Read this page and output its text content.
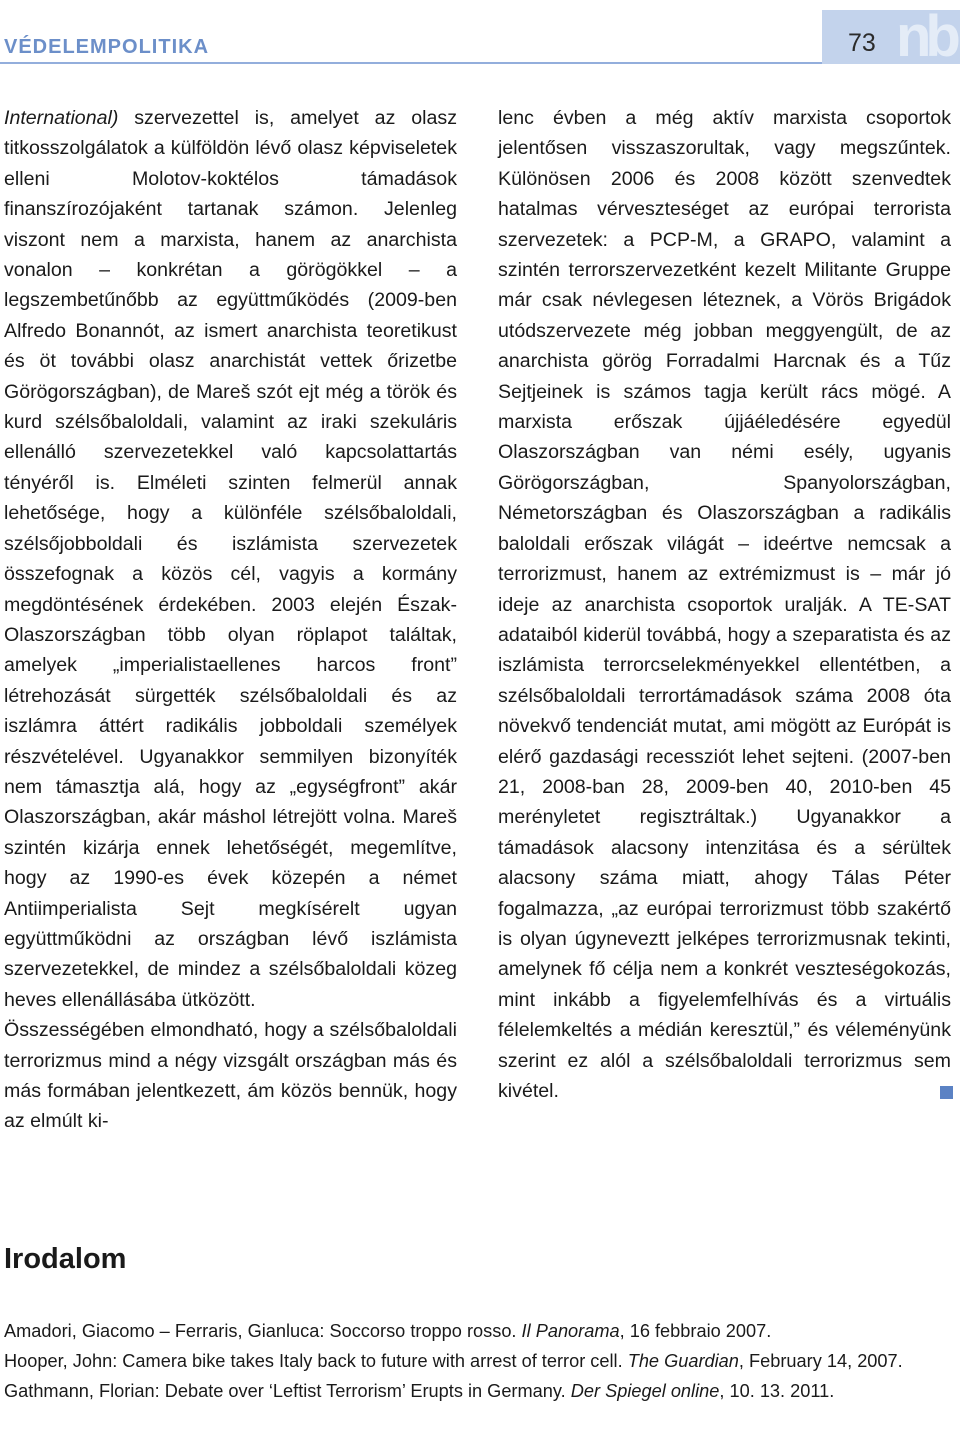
VÉDELEMPOLITIKA	nb
73

International) szervezettel is, amelyet az olasz titkosszolgálatok a külföldön lévő olasz képviseletek elleni Molotov-koktélos támadások finanszírozójaként tartanak számon. Jelenleg viszont nem a marxista, hanem az anarchista vonalon – konkrétan a görögökkel – a legszembetűnőbb az együttműködés (2009-ben Alfredo Bonannót, az ismert anarchista teoretikust és öt további olasz anarchistát vettek őrizetbe Görögországban), de Mareš szót ejt még a török és kurd szélsőbaloldali, valamint az iraki szekuláris ellenálló szervezetekkel való kapcsolattartás tényéről is. Elméleti szinten felmerül annak lehetősége, hogy a különféle szélsőbaloldali, szélsőjobboldali és iszlámista szervezetek összefognak a közös cél, vagyis a kormány megdöntésének érdekében. 2003 elején Észak-Olaszországban több olyan röplapot találtak, amelyek „imperialistaellenes harcos front” létrehozását sürgették szélsőbaloldali és az iszlámra áttért radikális jobboldali személyek részvételével. Ugyanakkor semmilyen bizonyíték nem támasztja alá, hogy az „egységfront” akár Olaszországban, akár máshol létrejött volna. Mareš szintén kizárja ennek lehetőségét, megemlítve, hogy az 1990-es évek közepén a német Antiimperialista Sejt megkísérelt ugyan együttműködni az országban lévő iszlámista szervezetekkel, de mindez a szélsőbaloldali közeg heves ellenállásába ütközött.

Összességében elmondható, hogy a szélsőbaloldali terrorizmus mind a négy vizsgált országban más és más formában jelentkezett, ám közös bennük, hogy az elmúlt ki-

lenc évben a még aktív marxista csoportok jelentősen visszaszorultak, vagy megszűntek. Különösen 2006 és 2008 között szenvedtek hatalmas vérveszteséget az európai terrorista szervezetek: a PCP-M, a GRAPO, valamint a szintén terrorszervezetként kezelt Militante Gruppe már csak névlegesen léteznek, a Vörös Brigádok utódszervezete még jobban meggyengült, de az anarchista görög Forradalmi Harcnak és a Tűz Sejtjeinek is számos tagja került rács mögé. A marxista erőszak újjáéledésére egyedül Olaszországban van némi esély, ugyanis Görögországban, Spanyolországban, Németországban és Olaszországban a radikális baloldali erőszak világát – ideértve nemcsak a terrorizmust, hanem az extrémizmust is – már jó ideje az anarchista csoportok uralják. A TE-SAT adataiból kiderül továbbá, hogy a szeparatista és az iszlámista terrorcselekményekkel ellentétben, a szélsőbaloldali terrortámadások száma 2008 óta növekvő tendenciát mutat, ami mögött az Európát is elérő gazdasági recessziót lehet sejteni. (2007-ben 21, 2008-ban 28, 2009-ben 40, 2010-ben 45 merényletet regisztráltak.) Ugyanakkor a támadások alacsony intenzitása és a sérültek alacsony száma miatt, ahogy Tálas Péter fogalmazza, „az európai terrorizmust több szakértő is olyan úgyneveztt jelképes terrorizmusnak tekinti, amelynek fő célja nem a konkrét veszteségokozás, mint inkább a figyelemfelhívás és a virtuális félelemkeltés a médián keresztül,” és véleményünk szerint ez alól a szélsőbaloldali terrorizmus sem kivétel.

Irodalom
Amadori, Giacomo – Ferraris, Gianluca: Soccorso troppo rosso. Il Panorama, 16 febbraio 2007.
Hooper, John: Camera bike takes Italy back to future with arrest of terror cell. The Guardian, February 14, 2007.
Gathmann, Florian: Debate over ‘Leftist Terrorism’ Erupts in Germany. Der Spiegel online, 10. 13. 2011.
